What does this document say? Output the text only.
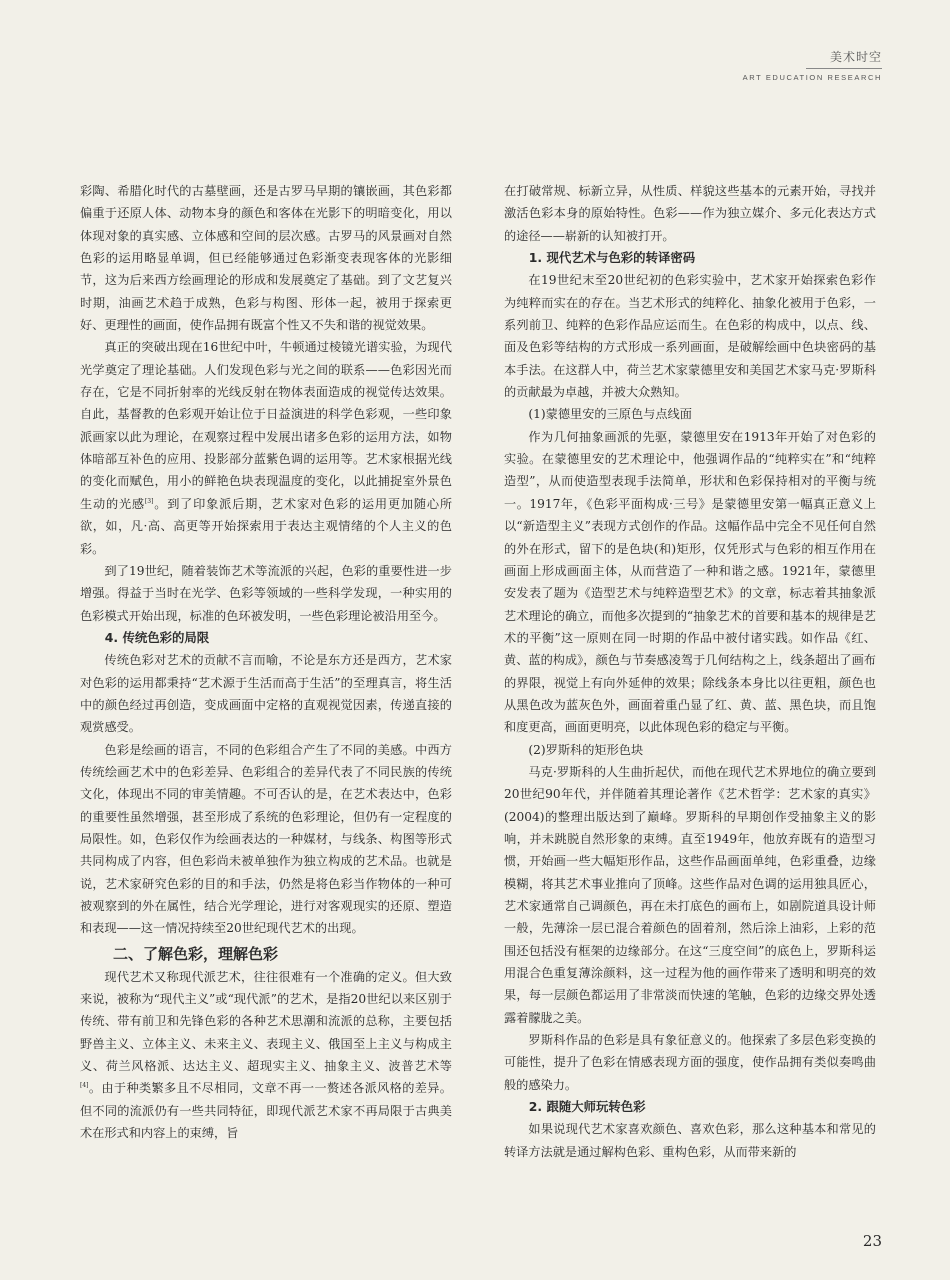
美术时空
ART EDUCATION RESEARCH

彩陶、希腊化时代的古墓壁画，还是古罗马早期的镶嵌画，其色彩都偏重于还原人体、动物本身的颜色和客体在光影下的明暗变化，用以体现对象的真实感、立体感和空间的层次感。古罗马的风景画对自然色彩的运用略显单调，但已经能够通过色彩渐变表现客体的光影细节，这为后来西方绘画理论的形成和发展奠定了基础。到了文艺复兴时期，油画艺术趋于成熟，色彩与构图、形体一起，被用于探索更好、更理性的画面，使作品拥有既富个性又不失和谐的视觉效果。

真正的突破出现在16世纪中叶，牛顿通过棱镜光谱实验，为现代光学奠定了理论基础。人们发现色彩与光之间的联系——色彩因光而存在，它是不同折射率的光线反射在物体表面造成的视觉传达效果。自此，基督教的色彩观开始让位于日益演进的科学色彩观，一些印象派画家以此为理论，在观察过程中发展出诸多色彩的运用方法，如物体暗部互补色的应用、投影部分蓝紫色调的运用等。艺术家根据光线的变化而赋色，用小的鲜艳色块表现温度的变化，以此捕捉室外景色生动的光感[3]。到了印象派后期，艺术家对色彩的运用更加随心所欲，如，凡·高、高更等开始探索用于表达主观情绪的个人主义的色彩。

到了19世纪，随着装饰艺术等流派的兴起，色彩的重要性进一步增强。得益于当时在光学、色彩等领域的一些科学发现，一种实用的色彩模式开始出现，标准的色环被发明，一些色彩理论被沿用至今。

4. 传统色彩的局限

传统色彩对艺术的贡献不言而喻，不论是东方还是西方，艺术家对色彩的运用都秉持“艺术源于生活而高于生活”的至理真言，将生活中的颜色经过再创造，变成画面中定格的直观视觉因素，传递直接的观赏感受。

色彩是绘画的语言，不同的色彩组合产生了不同的美感。中西方传统绘画艺术中的色彩差异、色彩组合的差异代表了不同民族的传统文化，体现出不同的审美情趣。不可否认的是，在艺术表达中，色彩的重要性虽然增强，甚至形成了系统的色彩理论，但仍有一定程度的局限性。如，色彩仅作为绘画表达的一种媒材，与线条、构图等形式共同构成了内容，但色彩尚未被单独作为独立构成的艺术品。也就是说，艺术家研究色彩的目的和手法，仍然是将色彩当作物体的一种可被观察到的外在属性，结合光学理论，进行对客观现实的还原、塑造和表现——这一情况持续至20世纪现代艺术的出现。

二、了解色彩，理解色彩

现代艺术又称现代派艺术，往往很难有一个准确的定义。但大致来说，被称为“现代主义”或“现代派”的艺术，是指20世纪以来区别于传统、带有前卫和先锋色彩的各种艺术思潮和流派的总称，主要包括野兽主义、立体主义、未来主义、表现主义、俄国至上主义与构成主义、荷兰风格派、达达主义、超现实主义、抽象主义、波普艺术等[4]。由于种类繁多且不尽相同，文章不再一一赘述各派风格的差异。但不同的流派仍有一些共同特征，即现代派艺术家不再局限于古典美术在形式和内容上的束缚，旨

在打破常规、标新立异，从性质、样貌这些基本的元素开始，寻找并激活色彩本身的原始特性。色彩——作为独立媒介、多元化表达方式的途径——崭新的认知被打开。

1. 现代艺术与色彩的转译密码

在19世纪末至20世纪初的色彩实验中，艺术家开始探索色彩作为纯粹而实在的存在。当艺术形式的纯粹化、抽象化被用于色彩，一系列前卫、纯粹的色彩作品应运而生。在色彩的构成中，以点、线、面及色彩等结构的方式形成一系列画面，是破解绘画中色块密码的基本手法。在这群人中，荷兰艺术家蒙德里安和美国艺术家马克·罗斯科的贡献最为卓越，并被大众熟知。

(1)蒙德里安的三原色与点线面

作为几何抽象画派的先驱，蒙德里安在1913年开始了对色彩的实验。在蒙德里安的艺术理论中，他强调作品的“纯粹实在”和“纯粹造型”，从而使造型表现手法简单，形状和色彩保持相对的平衡与统一。1917年，《色彩平面构成·三号》是蒙德里安第一幅真正意义上以“新造型主义”表现方式创作的作品。这幅作品中完全不见任何自然的外在形式，留下的是色块(和)矩形，仅凭形式与色彩的相互作用在画面上形成画面主体，从而营造了一种和谐之感。1921年，蒙德里安发表了题为《造型艺术与纯粹造型艺术》的文章，标志着其抽象派艺术理论的确立，而他多次提到的“抽象艺术的首要和基本的规律是艺术的平衡”这一原则在同一时期的作品中被付诸实践。如作品《红、黄、蓝的构成》，颜色与节奏感凌驾于几何结构之上，线条超出了画布的界限，视觉上有向外延伸的效果；除线条本身比以往更粗，颜色也从黑色改为蓝灰色外，画面着重凸显了红、黄、蓝、黑色块，而且饱和度更高，画面更明亮，以此体现色彩的稳定与平衡。

(2)罗斯科的矩形色块

马克·罗斯科的人生曲折起伏，而他在现代艺术界地位的确立要到20世纪90年代，并伴随着其理论著作《艺术哲学：艺术家的真实》(2004)的整理出版达到了巅峰。罗斯科的早期创作受抽象主义的影响，并未跳脱自然形象的束缚。直至1949年，他放弃既有的造型习惯，开始画一些大幅矩形作品，这些作品画面单纯，色彩重叠，边缘模糊，将其艺术事业推向了顶峰。这些作品对色调的运用独具匠心，艺术家通常自己调颜色，再在未打底色的画布上，如剧院道具设计师一般，先薄涂一层已混合着颜色的固着剂，然后涂上油彩，上彩的范围还包括没有框架的边缘部分。在这“三度空间”的底色上，罗斯科运用混合色重复薄涂颜料，这一过程为他的画作带来了透明和明亮的效果，每一层颜色都运用了非常淡而快速的笔触，色彩的边缘交界处透露着朦胧之美。

罗斯科作品的色彩是具有象征意义的。他探索了多层色彩变换的可能性，提升了色彩在情感表现方面的强度，使作品拥有类似奏鸣曲般的感染力。

2. 跟随大师玩转色彩

如果说现代艺术家喜欢颜色、喜欢色彩，那么这种基本和常见的转译方法就是通过解构色彩、重构色彩，从而带来新的

23
